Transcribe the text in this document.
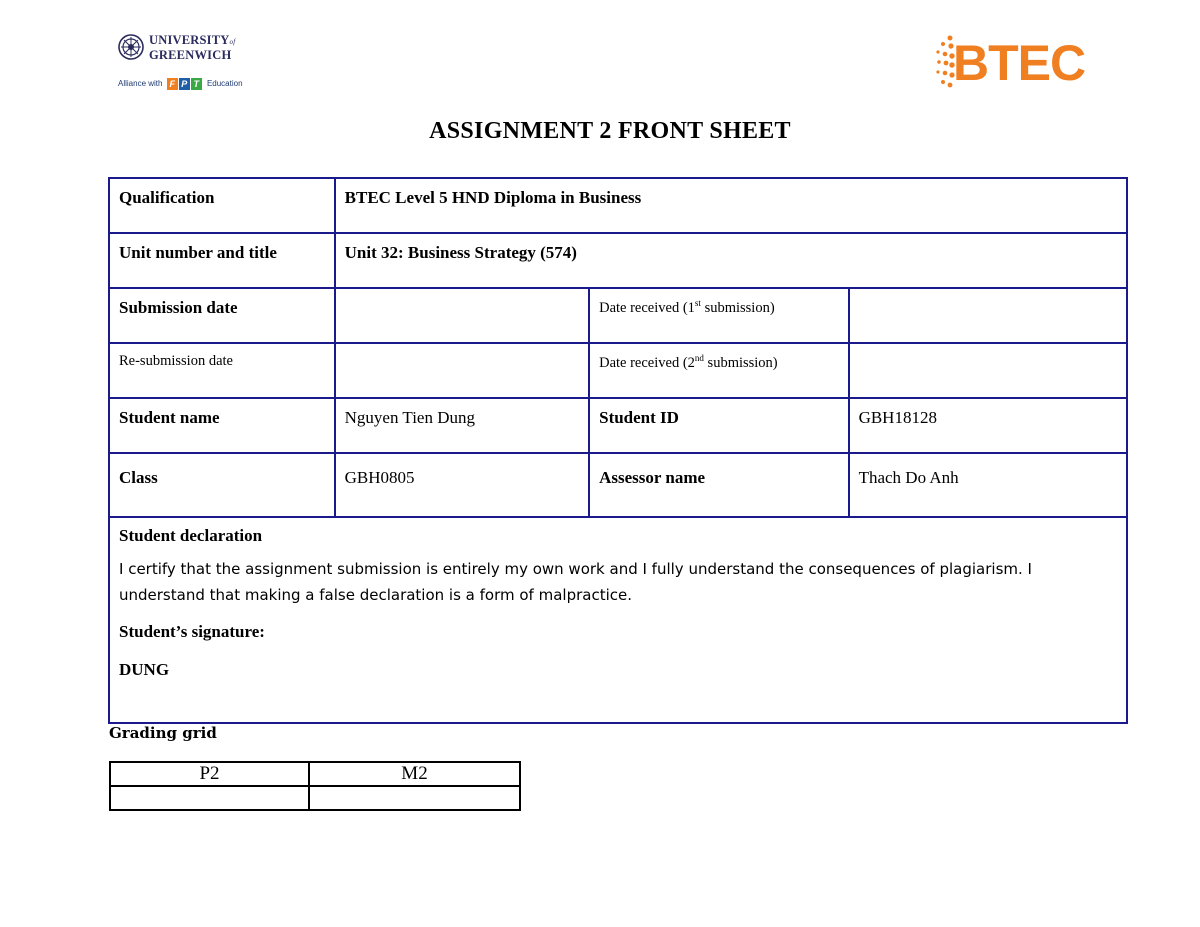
UNIVERSITYof
GREENWICH
Alliance with F P T Education	BTEC
ASSIGNMENT 2 FRONT SHEET
Qualification	BTEC Level 5 HND Diploma in Business		
Unit number and title	Unit 32: Business Strategy (574)		
Submission date		Date received (1st submission)	
Re-submission date		Date received (2nd submission)	
Student name	Nguyen Tien Dung	Student ID	GBH18128
Class	GBH0805	Assessor name	Thach Do Anh

Student declaration
I certify that the assignment submission is entirely my own work and I fully understand the consequences of plagiarism. I understand that making a false declaration is a form of malpractice.
Student’s signature:
DUNG			
Grading grid
P2	M2
